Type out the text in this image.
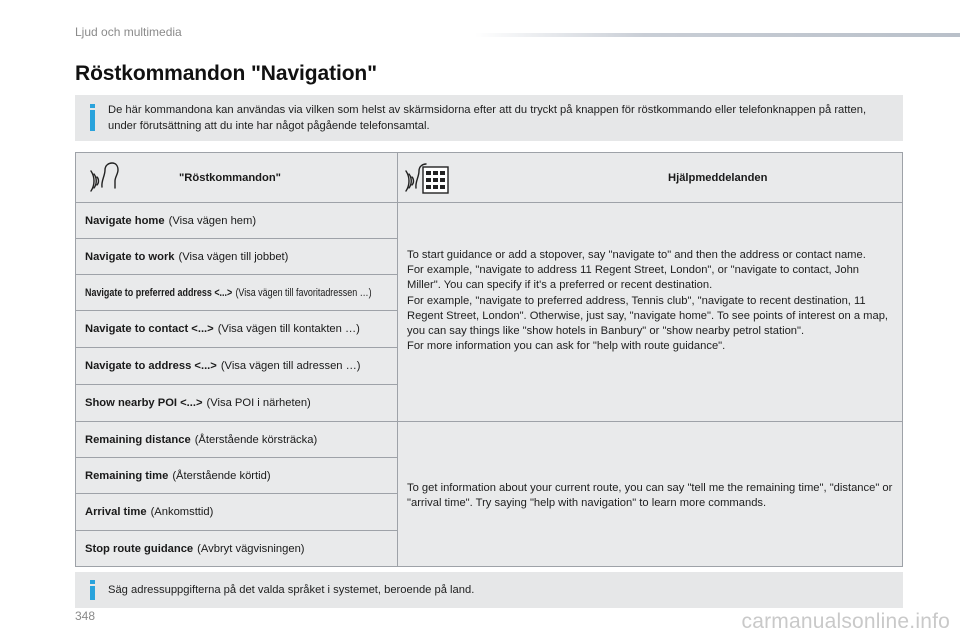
Ljud och multimedia
Röstkommandon "Navigation"
De här kommandona kan användas via vilken som helst av skärmsidorna efter att du tryckt på knappen för röstkommando eller telefonknappen på ratten, under förutsättning att du inte har något pågående telefonsamtal.
"Röstkommandon"	Hjälpmeddelanden
Navigate home (Visa vägen hem)
Navigate to work (Visa vägen till jobbet)
Navigate to preferred address <...> (Visa vägen till favoritadressen …)
Navigate to contact <...> (Visa vägen till kontakten …)
Navigate to address <...> (Visa vägen till adressen …)
Show nearby POI <...> (Visa POI i närheten)
Remaining distance (Återstående körsträcka)
Remaining time (Återstående körtid)
Arrival time (Ankomsttid)
Stop route guidance (Avbryt vägvisningen)
To start guidance or add a stopover, say "navigate to" and then the address or contact name.
For example, "navigate to address 11 Regent Street, London", or "navigate to contact, John Miller". You can specify if it's a preferred or recent destination.
For example, "navigate to preferred address, Tennis club", "navigate to recent destination, 11 Regent Street, London". Otherwise, just say, "navigate home". To see points of interest on a map, you can say things like "show hotels in Banbury" or "show nearby petrol station".
For more information you can ask for "help with route guidance".
To get information about your current route, you can say "tell me the remaining time", "distance" or "arrival time". Try saying "help with navigation" to learn more commands.
Säg adressuppgifterna på det valda språket i systemet, beroende på land.
348	carmanualsonline.info
